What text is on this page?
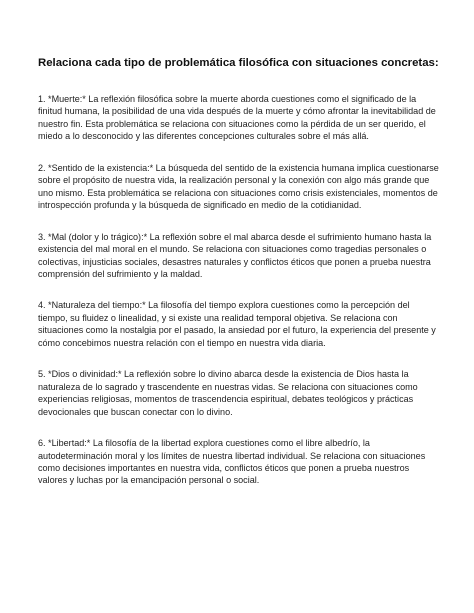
Relaciona cada tipo de problemática filosófica con situaciones concretas:

1. *Muerte:* La reflexión filosófica sobre la muerte aborda cuestiones como el significado de la finitud humana, la posibilidad de una vida después de la muerte y cómo afrontar la inevitabilidad de nuestro fin. Esta problemática se relaciona con situaciones como la pérdida de un ser querido, el miedo a lo desconocido y las diferentes concepciones culturales sobre el más allá.

2. *Sentido de la existencia:* La búsqueda del sentido de la existencia humana implica cuestionarse sobre el propósito de nuestra vida, la realización personal y la conexión con algo más grande que uno mismo. Esta problemática se relaciona con situaciones como crisis existenciales, momentos de introspección profunda y la búsqueda de significado en medio de la cotidianidad.

3. *Mal (dolor y lo trágico):* La reflexión sobre el mal abarca desde el sufrimiento humano hasta la existencia del mal moral en el mundo. Se relaciona con situaciones como tragedias personales o colectivas, injusticias sociales, desastres naturales y conflictos éticos que ponen a prueba nuestra comprensión del sufrimiento y la maldad.

4. *Naturaleza del tiempo:* La filosofía del tiempo explora cuestiones como la percepción del tiempo, su fluidez o linealidad, y si existe una realidad temporal objetiva. Se relaciona con situaciones como la nostalgia por el pasado, la ansiedad por el futuro, la experiencia del presente y cómo concebimos nuestra relación con el tiempo en nuestra vida diaria.

5. *Dios o divinidad:* La reflexión sobre lo divino abarca desde la existencia de Dios hasta la naturaleza de lo sagrado y trascendente en nuestras vidas. Se relaciona con situaciones como experiencias religiosas, momentos de trascendencia espiritual, debates teológicos y prácticas devocionales que buscan conectar con lo divino.

6. *Libertad:* La filosofía de la libertad explora cuestiones como el libre albedrío, la autodeterminación moral y los límites de nuestra libertad individual. Se relaciona con situaciones como decisiones importantes en nuestra vida, conflictos éticos que ponen a prueba nuestros valores y luchas por la emancipación personal o social.
